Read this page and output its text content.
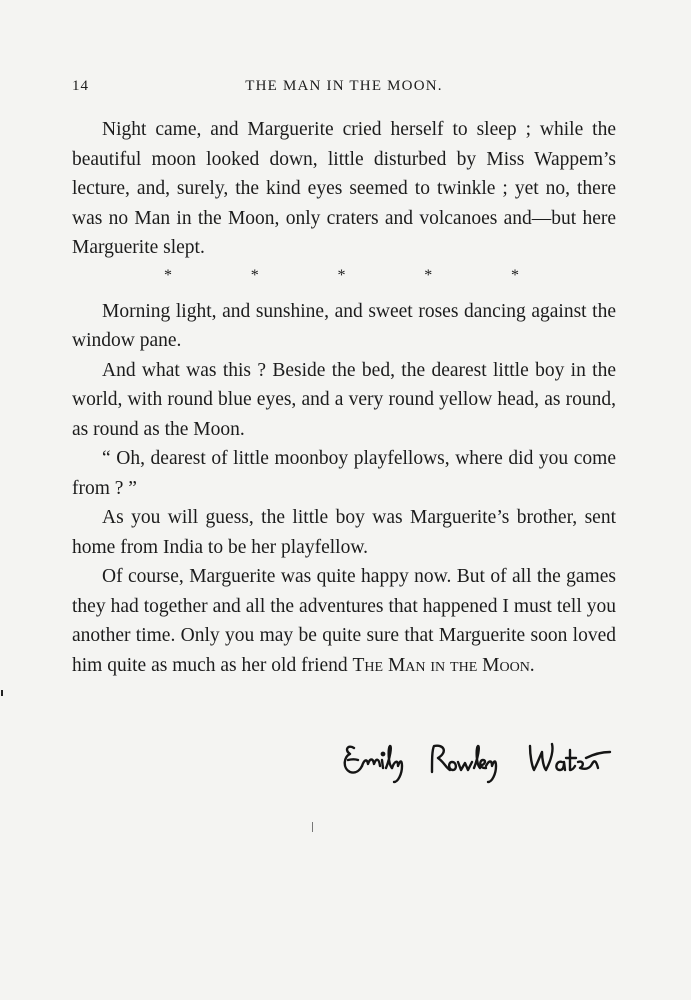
14	THE MAN IN THE MOON.

Night came, and Marguerite cried herself to sleep ; while the beautiful moon looked down, little disturbed by Miss Wappem’s lecture, and, surely, the kind eyes seemed to twinkle ; yet no, there was no Man in the Moon, only craters and volcanoes and—but here Marguerite slept.

*	*	*	*	*

Morning light, and sunshine, and sweet roses dancing against the window pane.

And what was this ? Beside the bed, the dearest little boy in the world, with round blue eyes, and a very round yellow head, as round, as round as the Moon.

“ Oh, dearest of little moonboy playfellows, where did you come from ? ”

As you will guess, the little boy was Marguerite’s brother, sent home from India to be her playfellow.

Of course, Marguerite was quite happy now. But of all the games they had together and all the adventures that happened I must tell you another time. Only you may be quite sure that Marguerite soon loved him quite as much as her old friend The Man in the Moon.
